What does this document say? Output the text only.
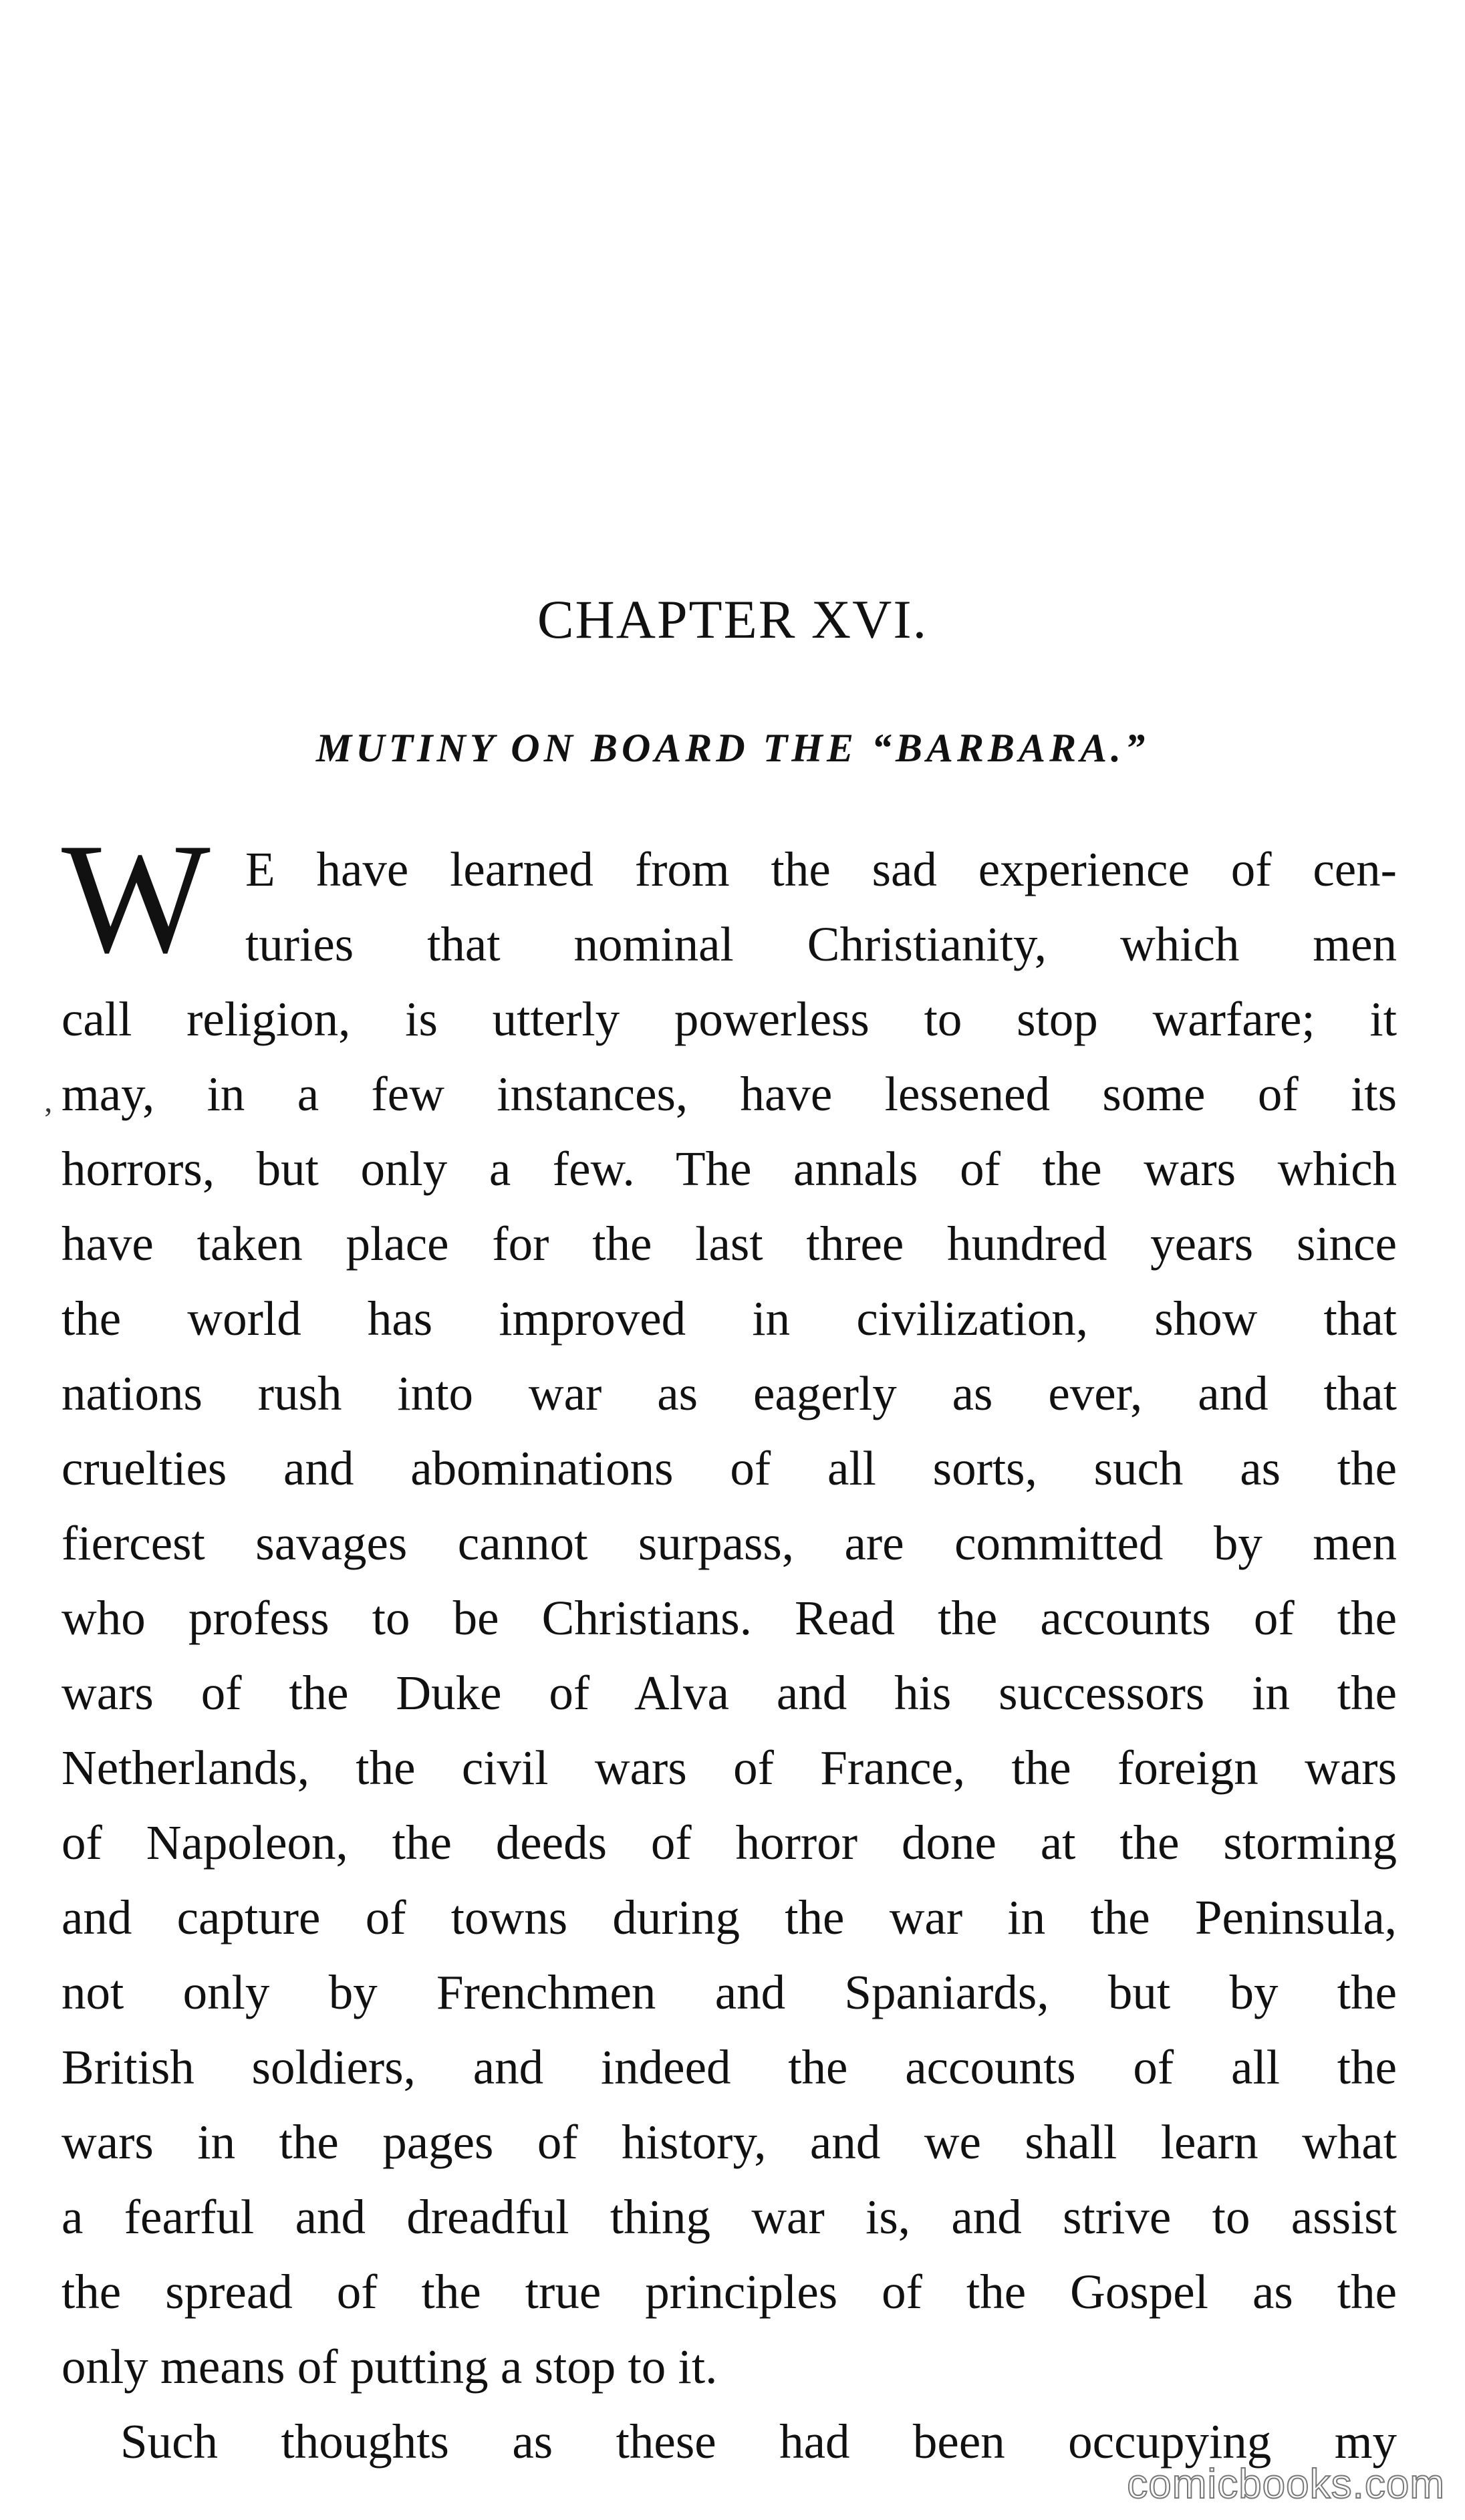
CHAPTER XVI.
MUTINY ON BOARD THE “BARBARA.”
W
‚
E have learned from the sad experience of cen-
turies that nominal Christianity, which men
call religion, is utterly powerless to stop warfare; it
may, in a few instances, have lessened some of its
horrors, but only a few. The annals of the wars which
have taken place for the last three hundred years since
the world has improved in civilization, show that
nations rush into war as eagerly as ever, and that
cruelties and abominations of all sorts, such as the
fiercest savages cannot surpass, are committed by men
who profess to be Christians. Read the accounts of the
wars of the Duke of Alva and his successors in the
Netherlands, the civil wars of France, the foreign wars
of Napoleon, the deeds of horror done at the storming
and capture of towns during the war in the Peninsula,
not only by Frenchmen and Spaniards, but by the
British soldiers, and indeed the accounts of all the
wars in the pages of history, and we shall learn what
a fearful and dreadful thing war is, and strive to assist
the spread of the true principles of the Gospel as the
only means of putting a stop to it.
Such thoughts as these had been occupying my
comicbooks.com
